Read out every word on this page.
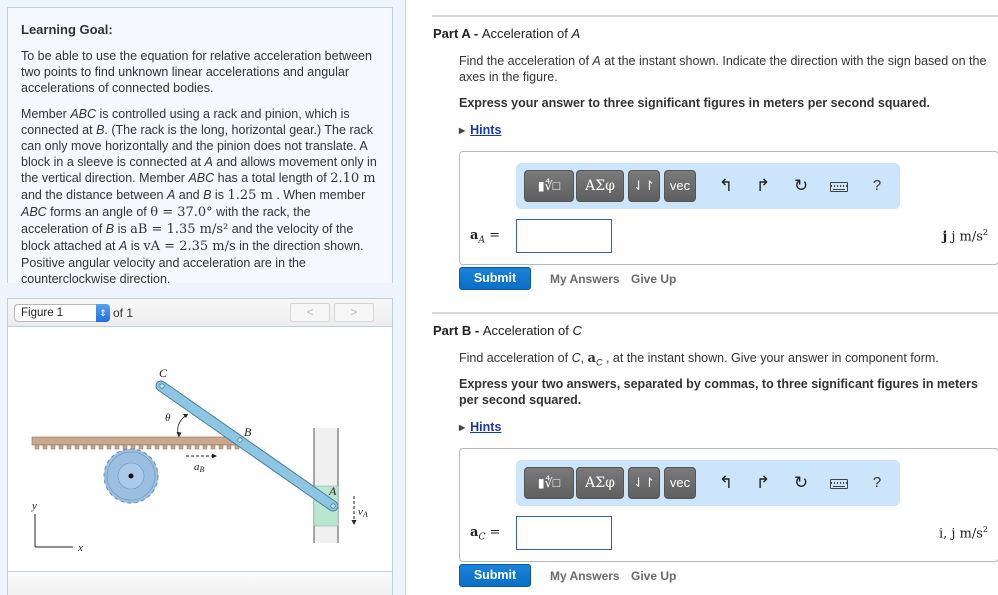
Learning Goal:

To be able to use the equation for relative acceleration between two points to find unknown linear accelerations and angular accelerations of connected bodies.

Member ABC is controlled using a rack and pinion, which is connected at B. (The rack is the long, horizontal gear.) The rack can only move horizontally and the pinion does not translate. A block in a sleeve is connected at A and allows movement only in the vertical direction. Member ABC has a total length of 2.10 m and the distance between A and B is 1.25 m . When member ABC forms an angle of θ = 37.0° with the rack, the acceleration of B is aB = 1.35 m/s² and the velocity of the block attached at A is vA = 2.35 m/s in the direction shown. Positive angular velocity and acceleration are in the counterclockwise direction.

Figure 1	⇕ of 1	<	>
aB
θ
C
B
A
vA
y
x
Part A - Acceleration of A
Find the acceleration of A at the instant shown. Indicate the direction with the sign based on the axes in the figure.
Express your answer to three significant figures in meters per second squared.
▶ Hints
▮∜□	ΑΣφ	⇃↾	vec	↰ ↱ ↻	?
$a_A$ =	j j $m/s^2$
Submit	My Answers Give Up
Part B - Acceleration of C
Find acceleration of C, $a_C$ , at the instant shown. Give your answer in component form.
Express your two answers, separated by commas, to three significant figures in meters per second squared.
▶ Hints
▮∜□	ΑΣφ	⇃↾	vec	↰ ↱ ↻	?
$a_C$ =	i, j $m/s^2$
Submit	My Answers Give Up
